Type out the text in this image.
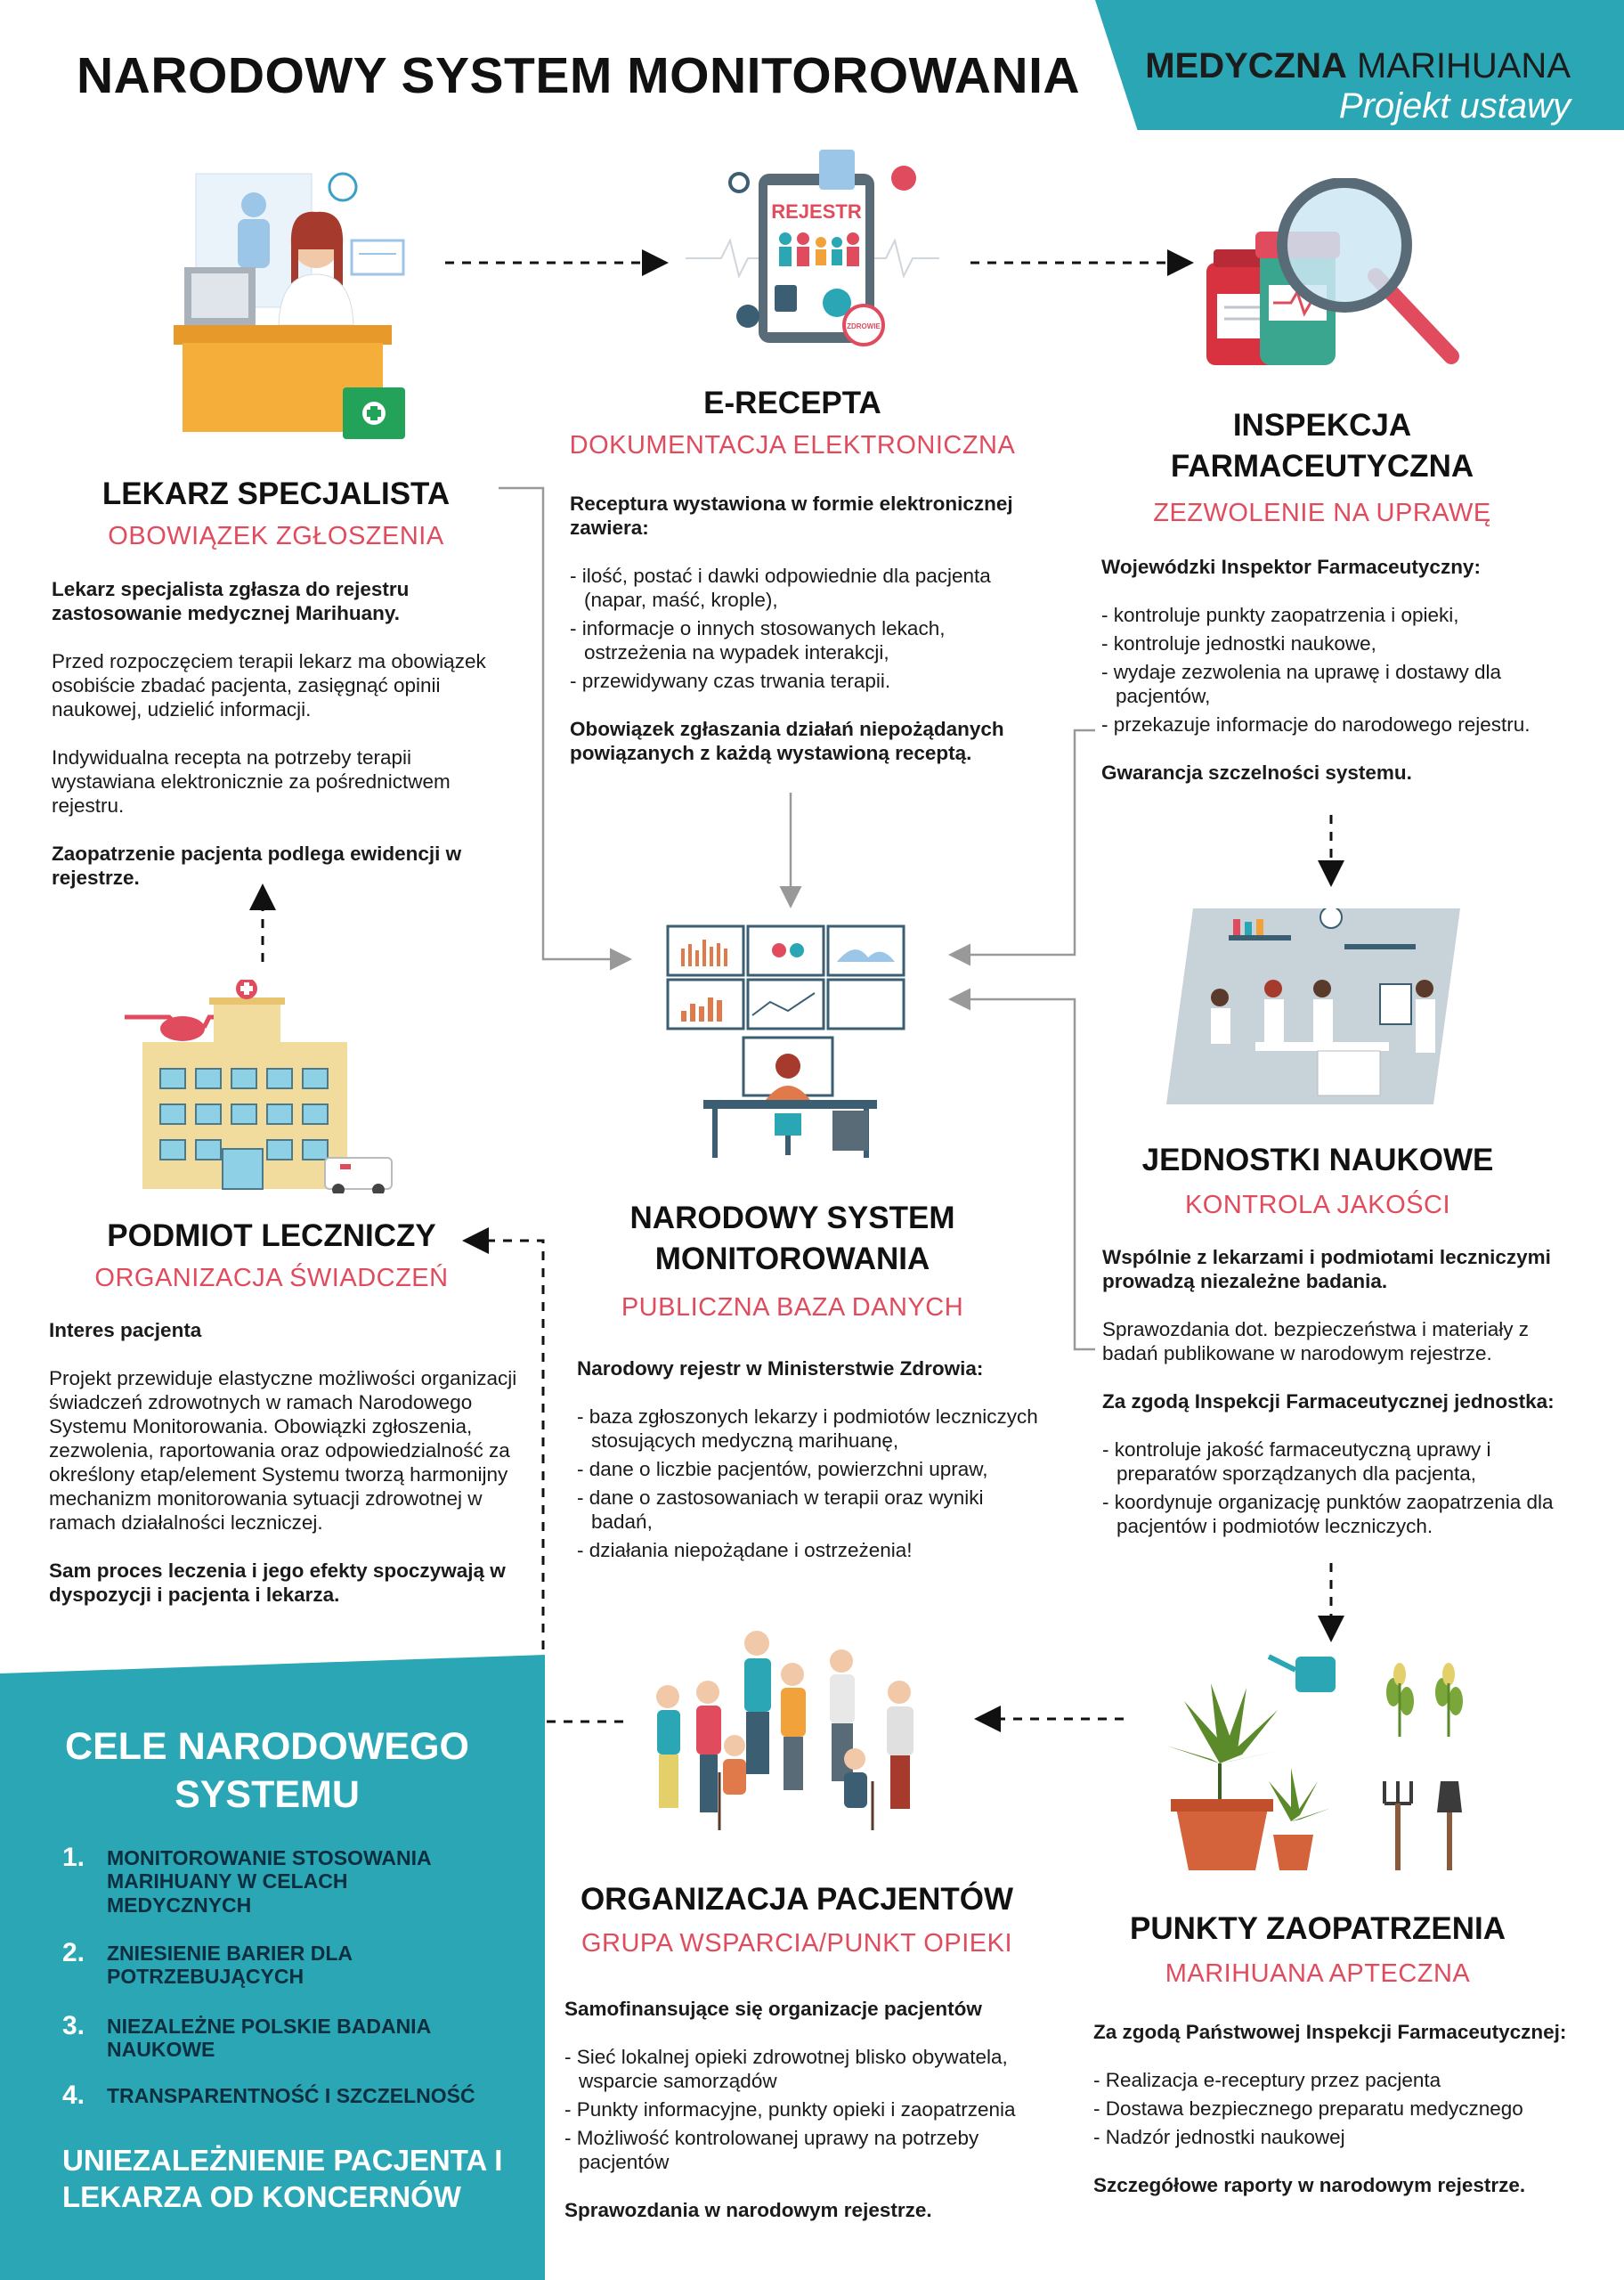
NARODOWY SYSTEM MONITOROWANIA MEDYCZNA MARIHUANA
Projekt ustawy
REJESTR
ZDROWIE
LEKARZ SPECJALISTA
OBOWIĄZEK ZGŁOSZENIA

Lekarz specjalista zgłasza do rejestru zastosowanie medycznej Marihuany.

Przed rozpoczęciem terapii lekarz ma obowiązek osobiście zbadać pacjenta, zasięgnąć opinii naukowej, udzielić informacji.

Indywidualna recepta na potrzeby terapii wystawiana elektronicznie za pośrednictwem rejestru.

Zaopatrzenie pacjenta podlega ewidencji w rejestrze.

E-RECEPTA
DOKUMENTACJA ELEKTRONICZNA

Receptura wystawiona w formie elektronicznej zawiera:

- ilość, postać i dawki odpowiednie dla pacjenta (napar, maść, krople),
- informacje o innych stosowanych lekach, ostrzeżenia na wypadek interakcji,
- przewidywany czas trwania terapii.

Obowiązek zgłaszania działań niepożądanych powiązanych z każdą wystawioną receptą.

INSPEKCJA
FARMACEUTYCZNA
ZEZWOLENIE NA UPRAWĘ

Wojewódzki Inspektor Farmaceutyczny:

- kontroluje punkty zaopatrzenia i opieki,
- kontroluje jednostki naukowe,
- wydaje zezwolenia na uprawę i dostawy dla pacjentów,
- przekazuje informacje do narodowego rejestru.

Gwarancja szczelności systemu.

PODMIOT LECZNICZY
ORGANIZACJA ŚWIADCZEŃ

Interes pacjenta

Projekt przewiduje elastyczne możliwości organizacji świadczeń zdrowotnych w ramach Narodowego Systemu Monitorowania. Obowiązki zgłoszenia, zezwolenia, raportowania oraz odpowiedzialność za określony etap/element Systemu tworzą harmonijny mechanizm monitorowania sytuacji zdrowotnej w ramach działalności leczniczej.

Sam proces leczenia i jego efekty spoczywają w dyspozycji i pacjenta i lekarza.

NARODOWY SYSTEM
MONITOROWANIA
PUBLICZNA BAZA DANYCH

Narodowy rejestr w Ministerstwie Zdrowia:

- baza zgłoszonych lekarzy i podmiotów leczniczych stosujących medyczną marihuanę,
- dane o liczbie pacjentów, powierzchni upraw,
- dane o zastosowaniach w terapii oraz wyniki badań,
- działania niepożądane i ostrzeżenia!
JEDNOSTKI NAUKOWE
KONTROLA JAKOŚCI

Wspólnie z lekarzami i podmiotami leczniczymi prowadzą niezależne badania.

Sprawozdania dot. bezpieczeństwa i materiały z badań publikowane w narodowym rejestrze.

Za zgodą Inspekcji Farmaceutycznej jednostka:

- kontroluje jakość farmaceutyczną uprawy i preparatów sporządzanych dla pacjenta,
- koordynuje organizację punktów zaopatrzenia dla pacjentów i podmiotów leczniczych.
ORGANIZACJA PACJENTÓW
GRUPA WSPARCIA/PUNKT OPIEKI

Samofinansujące się organizacje pacjentów

- Sieć lokalnej opieki zdrowotnej blisko obywatela, wsparcie samorządów
- Punkty informacyjne, punkty opieki i zaopatrzenia
- Możliwość kontrolowanej uprawy na potrzeby pacjentów

Sprawozdania w narodowym rejestrze.

PUNKTY ZAOPATRZENIA
MARIHUANA APTECZNA

Za zgodą Państwowej Inspekcji Farmaceutycznej:

- Realizacja e-receptury przez pacjenta
- Dostawa bezpiecznego preparatu medycznego
- Nadzór jednostki naukowej

Szczegółowe raporty w narodowym rejestrze.

CELE NARODOWEGO SYSTEMU
1. MONITOROWANIE STOSOWANIA MARIHUANY W CELACH MEDYCZNYCH
2. ZNIESIENIE BARIER DLA POTRZEBUJĄCYCH
3. NIEZALEŻNE POLSKIE BADANIA NAUKOWE
4. TRANSPARENTNOŚĆ I SZCZELNOŚĆ
UNIEZALEŻNIENIE PACJENTA I LEKARZA OD KONCERNÓW
